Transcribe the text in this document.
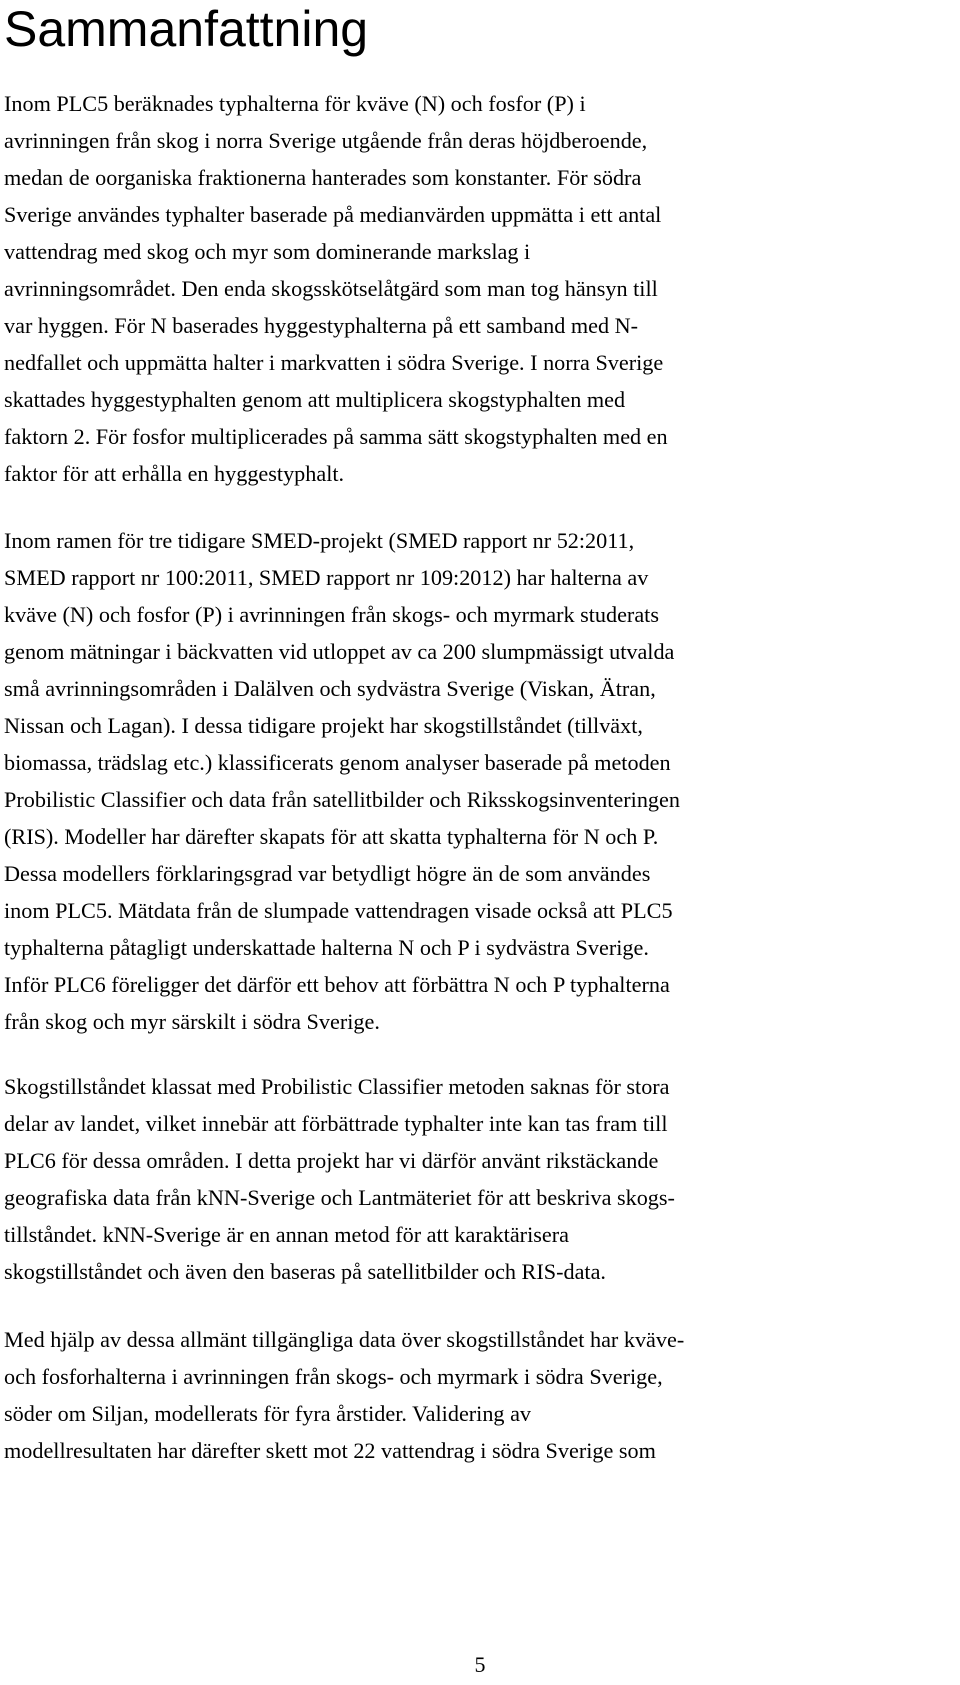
Sammanfattning
Inom PLC5 beräknades typhalterna för kväve (N) och fosfor (P) i
avrinningen från skog i norra Sverige utgående från deras höjdberoende,
medan de oorganiska fraktionerna hanterades som konstanter. För södra
Sverige användes typhalter baserade på medianvärden uppmätta i ett antal
vattendrag med skog och myr som dominerande markslag i
avrinningsområdet. Den enda skogsskötselåtgärd som man tog hänsyn till
var hyggen. För N baserades hyggestyphalterna på ett samband med N-
nedfallet och uppmätta halter i markvatten i södra Sverige. I norra Sverige
skattades hyggestyphalten genom att multiplicera skogstyphalten med
faktorn 2. För fosfor multiplicerades på samma sätt skogstyphalten med en
faktor för att erhålla en hyggestyphalt.
Inom ramen för tre tidigare SMED-projekt (SMED rapport nr 52:2011,
SMED rapport nr 100:2011, SMED rapport nr 109:2012) har halterna av
kväve (N) och fosfor (P) i avrinningen från skogs- och myrmark studerats
genom mätningar i bäckvatten vid utloppet av ca 200 slumpmässigt utvalda
små avrinningsområden i Dalälven och sydvästra Sverige (Viskan, Ätran,
Nissan och Lagan). I dessa tidigare projekt har skogstillståndet (tillväxt,
biomassa, trädslag etc.) klassificerats genom analyser baserade på metoden
Probilistic Classifier och data från satellitbilder och Riksskogsinventeringen
(RIS). Modeller har därefter skapats för att skatta typhalterna för N och P.
Dessa modellers förklaringsgrad var betydligt högre än de som användes
inom PLC5. Mätdata från de slumpade vattendragen visade också att PLC5
typhalterna påtagligt underskattade halterna N och P i sydvästra Sverige.
Inför PLC6 föreligger det därför ett behov att förbättra N och P typhalterna
från skog och myr särskilt i södra Sverige.
Skogstillståndet klassat med Probilistic Classifier metoden saknas för stora
delar av landet, vilket innebär att förbättrade typhalter inte kan tas fram till
PLC6 för dessa områden. I detta projekt har vi därför använt rikstäckande
geografiska data från kNN-Sverige och Lantmäteriet för att beskriva skogs-
tillståndet. kNN-Sverige är en annan metod för att karaktärisera
skogstillståndet och även den baseras på satellitbilder och RIS-data.
Med hjälp av dessa allmänt tillgängliga data över skogstillståndet har kväve-
och fosforhalterna i avrinningen från skogs- och myrmark i södra Sverige,
söder om Siljan, modellerats för fyra årstider. Validering av
modellresultaten har därefter skett mot 22 vattendrag i södra Sverige som
5
